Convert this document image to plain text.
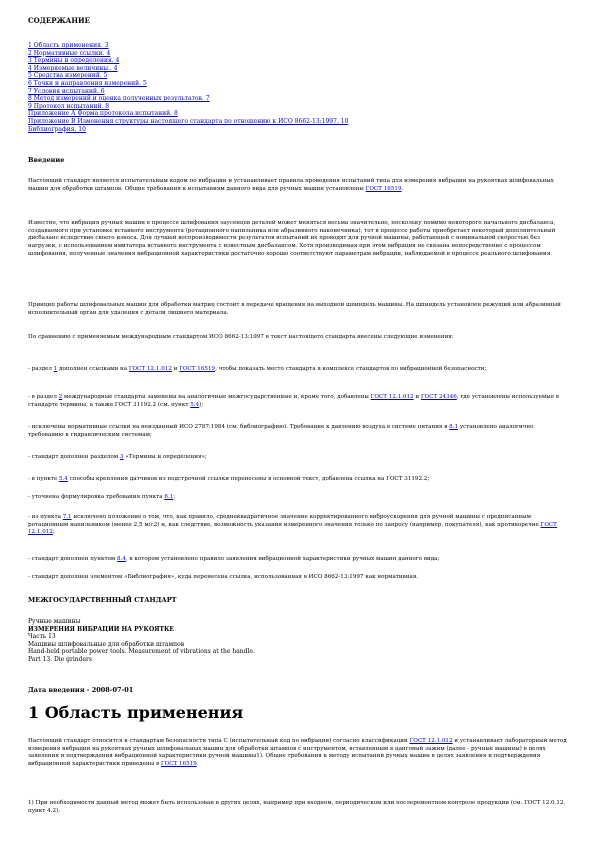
СОДЕРЖАНИЕ
1 Область применения. 3
2 Нормативные ссылки. 4
3 Термины и определения. 4
4 Измеряемые величины.. 4
5 Средства измерений. 5
6 Точки и направления измерений. 5
7 Условия испытаний. 6
8 Метод измерений и оценка полученных результатов. 7
9 Протокол испытаний. 8
Приложение А Форма протокола испытаний. 8
Приложение В Изменения структуры настоящего стандарта по отношению к ИСО 8662-13:1997. 10
Библиография. 10
Введение

Настоящий стандарт является испытательным кодом по вибрации и устанавливает правила проведения испытаний типа для измерения вибрации на рукоятках шлифовальных машин для обработки штампов. Общие требования к испытаниям данного вида для ручных машин установлены ГОСТ 16519.

Известно, что вибрация ручных машин в процессе шлифования заусенцев деталей может меняться весьма значительно, поскольку помимо некоторого начального дисбаланса, создаваемого при установке вставного инструмента (ротационного напильника или абразивного наконечника), тот в процессе работы приобретает некоторый дополнительный дисбаланс вследствие своего износа. Для лучшей воспроизводимости результатов испытаний их проводят для ручной машины, работающей с номинальной скоростью без нагрузки, с использованием имитатора вставного инструмента с известным дисбалансом. Хотя производимая при этом вибрация не связана непосредственно с процессом шлифования, полученные значения вибрационной характеристики достаточно хорошо соответствуют параметрам вибрации, наблюдаемой в процессе реального шлифования.

Принцип работы шлифовальных машин для обработки матриц состоит в передаче вращения на выходной шпиндель машины. На шпиндель установлен режущий или абразивный исполнительный орган для удаления с детали лишнего материала.

По сравнению с применяемым международным стандартом ИСО 8662-13:1997 в текст настоящего стандарта внесены следующие изменения:

- раздел 1 дополнен ссылками на ГОСТ 12.1.012 и ГОСТ 16519, чтобы показать место стандарта в комплексе стандартов по вибрационной безопасности;

- в раздел 2 международные стандарты заменены на аналогичные межгосударственные и, кроме того, добавлены ГОСТ 12.1.012 и ГОСТ 24346, где установлены используемые в стандарте термины, а также ГОСТ 31192.2 (см. пункт 5.4);

- исключены нормативные ссылки на неизданный ИСО 2787:1984 (см. библиографию). Требование к давлению воздуха в системе питания в 8.1 установлено аналогично требованию к гидравлическим системам;

- стандарт дополнен разделом 3 «Термины и определения»;

- в пункте 5.4 способы крепления датчиков из подстрочной ссылки перенесены в основной текст, добавлена ссылка на ГОСТ 31192.2;

- уточнена формулировка требования пункта 6.1;

- из пункта 7.1 исключено положение о том, что, как правило, среднеквадратичное значение корректированного виброускорения для ручной машины с предписанным ротационным напильником (менее 2,5 м/с2) и, как следствие, возможность указания измеренного значения только по запросу (например, покупателя), как противоречие ГОСТ 12.1.012;

- стандарт дополнен пунктом 8.4, в котором установлено правило заявления вибрационной характеристики ручных машин данного вида;

- стандарт дополнен элементом «Библиография», куда перенесена ссылка, использованная в ИСО 8662-13:1997 как нормативная.

МЕЖГОСУДАРСТВЕННЫЙ СТАНДАРТ
Ручные машины
ИЗМЕРЕНИЯ ВИБРАЦИИ НА РУКОЯТКЕ
Часть 13
Машины шлифовальные для обработки штампов
Hand-held portable power tools. Measurement of vibrations at the handle.
Part 13. Die grinders
Дата введения - 2008-07-01
1 Область применения

Настоящий стандарт относится к стандартам безопасности типа С (испытательный код по вибрации) согласно классификации ГОСТ 12.1.012 и устанавливает лабораторный метод измерения вибрации на рукоятках ручных шлифовальных машин для обработки штампов с инструментом, вставленным в цанговый зажим (далее - ручные машины) в целях заявления и подтверждения вибрационной характеристики ручной машины1). Общие требования к методу испытаний ручных машин в целях заявления и подтверждения вибрационной характеристики приведены в ГОСТ 16519.

1) При необходимости данный метод может быть использован в других целях, например при входном, периодическом или послеремонтном контроле продукции (см. ГОСТ 12.0.12, пункт 4.2).
